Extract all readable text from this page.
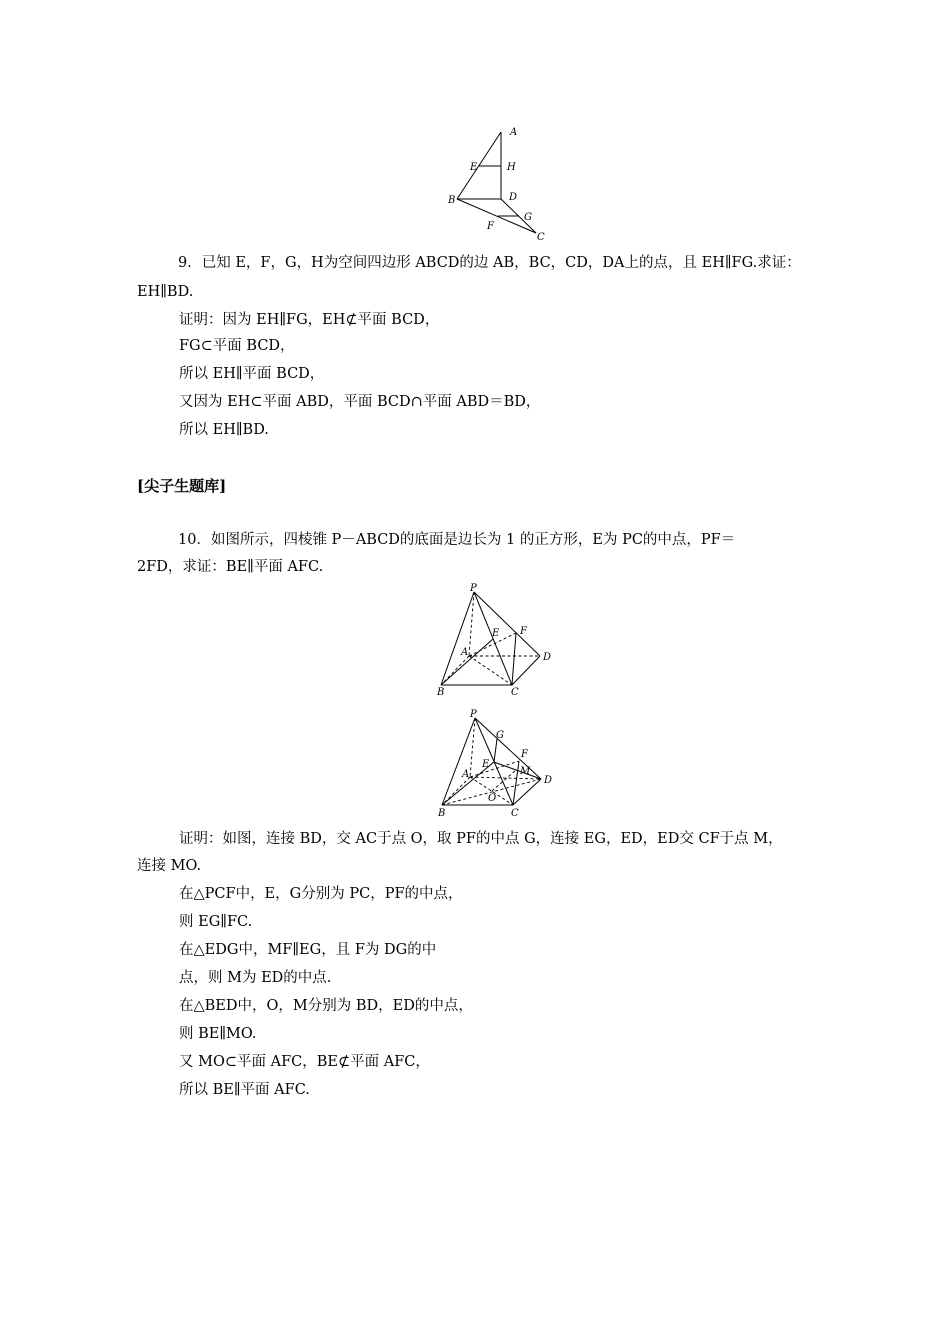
A
E	H
B	D
F
G
C
9．已知 E，F，G，H为空间四边形 ABCD的边 AB，BC，CD，DA上的点，且 EH∥FG.求证：
EH∥BD.
证明：因为 EH∥FG，EH⊄平面 BCD，
FG⊂平面 BCD，
所以 EH∥平面 BCD，
又因为 EH⊂平面 ABD，平面 BCD∩平面 ABD＝BD，
所以 EH∥BD.
[尖子生题库]
10．如图所示，四棱锥 P－ABCD的底面是边长为 1 的正方形，E为 PC的中点，PF＝
2FD，求证：BE∥平面 AFC.
P
E F
A	D
B	C
P
G
F
E
M
A
D
O
B	C
证明：如图，连接 BD，交 AC于点 O，取 PF的中点 G，连接 EG，ED，ED交 CF于点 M，
连接 MO.
在△PCF中，E，G分别为 PC，PF的中点，
则 EG∥FC.
在△EDG中，MF∥EG，且 F为 DG的中
点，则 M为 ED的中点.
在△BED中，O，M分别为 BD，ED的中点，
则 BE∥MO.
又 MO⊂平面 AFC，BE⊄平面 AFC，
所以 BE∥平面 AFC.
